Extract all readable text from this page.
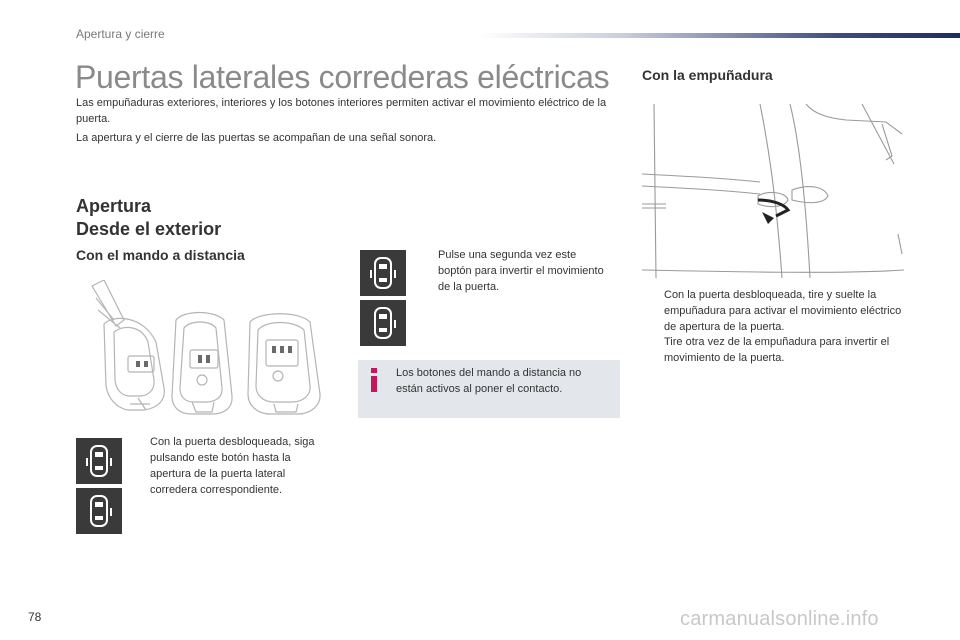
Apertura y cierre
Puertas laterales correderas eléctricas
Las empuñaduras exteriores, interiores y los botones interiores permiten activar el movimiento eléctrico de la puerta.
La apertura y el cierre de las puertas se acompañan de una señal sonora.
Apertura
Desde el exterior
Con el mando a distancia
Con la puerta desbloqueada, siga pulsando este botón hasta la apertura de la puerta lateral corredera correspondiente.
Pulse una segunda vez este boptón para invertir el movimiento de la puerta.
Los botones del mando a distancia no están activos al poner el contacto.
Con la empuñadura
Con la puerta desbloqueada, tire y suelte la empuñadura para activar el movimiento eléctrico de apertura de la puerta.
Tire otra vez de la empuñadura para invertir el movimiento de la puerta.
78	carmanualsonline.info
